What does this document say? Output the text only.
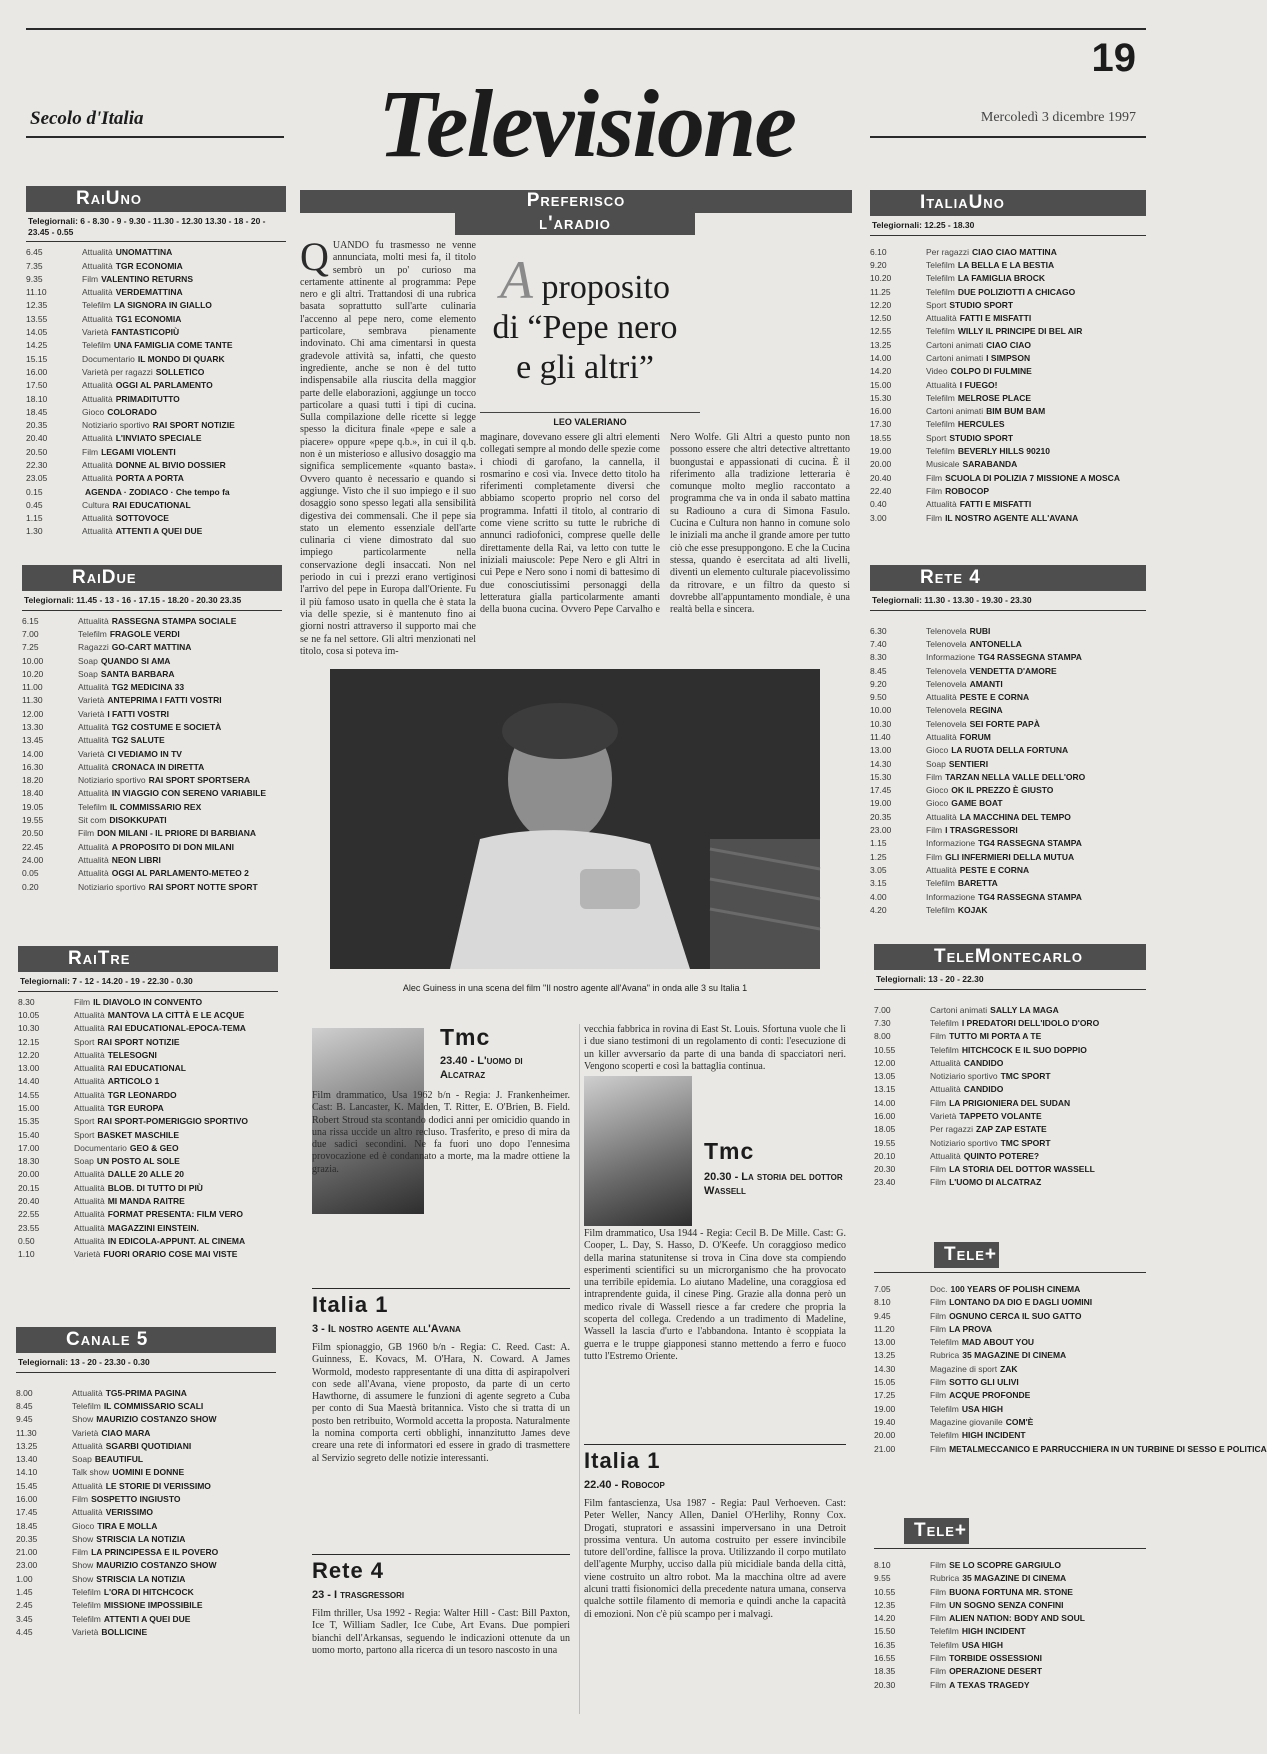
19
Secolo d'Italia	Mercoledì 3 dicembre 1997
Televisione
RaiUno
Telegiornali: 6 - 8.30 - 9 - 9.30 - 11.30 - 12.30 13.30 - 18 - 20 - 23.45 - 0.55
6.45	Attualità UNOMATTINA
7.35	Attualità TGR ECONOMIA
9.35	Film VALENTINO RETURNS
11.10	Attualità VERDEMATTINA
12.35	Telefilm LA SIGNORA IN GIALLO
13.55	Attualità TG1 ECONOMIA
14.05	Varietà FANTASTICOPIÙ
14.25	Telefilm UNA FAMIGLIA COME TANTE
15.15	Documentario IL MONDO DI QUARK
16.00	Varietà per ragazzi SOLLETICO
17.50	Attualità OGGI AL PARLAMENTO
18.10	Attualità PRIMADITUTTO
18.45	Gioco COLORADO
20.35	Notiziario sportivo RAI SPORT NOTIZIE
20.40	Attualità L'INVIATO SPECIALE
20.50	Film LEGAMI VIOLENTI
22.30	Attualità DONNE AL BIVIO DOSSIER
23.05	Attualità PORTA A PORTA
0.15	AGENDA · ZODIACO · Che tempo fa
0.45	Cultura RAI EDUCATIONAL
1.15	Attualità SOTTOVOCE
1.30	Attualità ATTENTI A QUEI DUE
RaiDue
Telegiornali: 11.45 - 13 - 16 - 17.15 - 18.20 - 20.30 23.35
6.15	Attualità RASSEGNA STAMPA SOCIALE
7.00	Telefilm FRAGOLE VERDI
7.25	Ragazzi GO-CART MATTINA
10.00	Soap QUANDO SI AMA
10.20	Soap SANTA BARBARA
11.00	Attualità TG2 MEDICINA 33
11.30	Varietà ANTEPRIMA I FATTI VOSTRI
12.00	Varietà I FATTI VOSTRI
13.30	Attualità TG2 COSTUME E SOCIETÀ
13.45	Attualità TG2 SALUTE
14.00	Varietà CI VEDIAMO IN TV
16.30	Attualità CRONACA IN DIRETTA
18.20	Notiziario sportivo RAI SPORT SPORTSERA
18.40	Attualità IN VIAGGIO CON SERENO VARIABILE
19.05	Telefilm IL COMMISSARIO REX
19.55	Sit com DISOKKUPATI
20.50	Film DON MILANI - IL PRIORE DI BARBIANA
22.45	Attualità A PROPOSITO DI DON MILANI
24.00	Attualità NEON LIBRI
0.05	Attualità OGGI AL PARLAMENTO-METEO 2
0.20	Notiziario sportivo RAI SPORT NOTTE SPORT
RaiTre
Telegiornali: 7 - 12 - 14.20 - 19 - 22.30 - 0.30
8.30	Film IL DIAVOLO IN CONVENTO
10.05	Attualità MANTOVA LA CITTÀ E LE ACQUE
10.30	Attualità RAI EDUCATIONAL-EPOCA-TEMA
12.15	Sport RAI SPORT NOTIZIE
12.20	Attualità TELESOGNI
13.00	Attualità RAI EDUCATIONAL
14.40	Attualità ARTICOLO 1
14.55	Attualità TGR LEONARDO
15.00	Attualità TGR EUROPA
15.35	Sport RAI SPORT-POMERIGGIO SPORTIVO
15.40	Sport BASKET MASCHILE
17.00	Documentario GEO & GEO
18.30	Soap UN POSTO AL SOLE
20.00	Attualità DALLE 20 ALLE 20
20.15	Attualità BLOB. DI TUTTO DI PIÙ
20.40	Attualità MI MANDA RAITRE
22.55	Attualità FORMAT PRESENTA: FILM VERO
23.55	Attualità MAGAZZINI EINSTEIN.
0.50	Attualità IN EDICOLA-APPUNT. AL CINEMA
1.10	Varietà FUORI ORARIO COSE MAI VISTE
Canale 5
Telegiornali: 13 - 20 - 23.30 - 0.30
8.00	Attualità TG5-PRIMA PAGINA
8.45	Telefilm IL COMMISSARIO SCALI
9.45	Show MAURIZIO COSTANZO SHOW
11.30	Varietà CIAO MARA
13.25	Attualità SGARBI QUOTIDIANI
13.40	Soap BEAUTIFUL
14.10	Talk show UOMINI E DONNE
15.45	Attualità LE STORIE DI VERISSIMO
16.00	Film SOSPETTO INGIUSTO
17.45	Attualità VERISSIMO
18.45	Gioco TIRA E MOLLA
20.35	Show STRISCIA LA NOTIZIA
21.00	Film LA PRINCIPESSA E IL POVERO
23.00	Show MAURIZIO COSTANZO SHOW
1.00	Show STRISCIA LA NOTIZIA
1.45	Telefilm L'ORA DI HITCHCOCK
2.45	Telefilm MISSIONE IMPOSSIBILE
3.45	Telefilm ATTENTI A QUEI DUE
4.45	Varietà BOLLICINE
ItaliaUno
Telegiornali: 12.25 - 18.30
6.10	Per ragazzi CIAO CIAO MATTINA
9.20	Telefilm LA BELLA E LA BESTIA
10.20	Telefilm LA FAMIGLIA BROCK
11.25	Telefilm DUE POLIZIOTTI A CHICAGO
12.20	Sport STUDIO SPORT
12.50	Attualità FATTI E MISFATTI
12.55	Telefilm WILLY IL PRINCIPE DI BEL AIR
13.25	Cartoni animati CIAO CIAO
14.00	Cartoni animati I SIMPSON
14.20	Video COLPO DI FULMINE
15.00	Attualità I FUEGO!
15.30	Telefilm MELROSE PLACE
16.00	Cartoni animati BIM BUM BAM
17.30	Telefilm HERCULES
18.55	Sport STUDIO SPORT
19.00	Telefilm BEVERLY HILLS 90210
20.00	Musicale SARABANDA
20.40	Film SCUOLA DI POLIZIA 7 MISSIONE A MOSCA
22.40	Film ROBOCOP
0.40	Attualità FATTI E MISFATTI
3.00	Film IL NOSTRO AGENTE ALL'AVANA
Rete 4
Telegiornali: 11.30 - 13.30 - 19.30 - 23.30
6.30	Telenovela RUBI
7.40	Telenovela ANTONELLA
8.30	Informazione TG4 RASSEGNA STAMPA
8.45	Telenovela VENDETTA D'AMORE
9.20	Telenovela AMANTI
9.50	Attualità PESTE E CORNA
10.00	Telenovela REGINA
10.30	Telenovela SEI FORTE PAPÀ
11.40	Attualità FORUM
13.00	Gioco LA RUOTA DELLA FORTUNA
14.30	Soap SENTIERI
15.30	Film TARZAN NELLA VALLE DELL'ORO
17.45	Gioco OK IL PREZZO È GIUSTO
19.00	Gioco GAME BOAT
20.35	Attualità LA MACCHINA DEL TEMPO
23.00	Film I TRASGRESSORI
1.15	Informazione TG4 RASSEGNA STAMPA
1.25	Film GLI INFERMIERI DELLA MUTUA
3.05	Attualità PESTE E CORNA
3.15	Telefilm BARETTA
4.00	Informazione TG4 RASSEGNA STAMPA
4.20	Telefilm KOJAK
TeleMontecarlo
Telegiornali: 13 - 20 - 22.30
7.00	Cartoni animati SALLY LA MAGA
7.30	Telefilm I PREDATORI DELL'IDOLO D'ORO
8.00	Film TUTTO MI PORTA A TE
10.55	Telefilm HITCHCOCK E IL SUO DOPPIO
12.00	Attualità CANDIDO
13.05	Notiziario sportivo TMC SPORT
13.15	Attualità CANDIDO
14.00	Film LA PRIGIONIERA DEL SUDAN
16.00	Varietà TAPPETO VOLANTE
18.05	Per ragazzi ZAP ZAP ESTATE
19.55	Notiziario sportivo TMC SPORT
20.10	Attualità QUINTO POTERE?
20.30	Film LA STORIA DEL DOTTOR WASSELL
23.40	Film L'UOMO DI ALCATRAZ
Tele+
7.05	Doc. 100 YEARS OF POLISH CINEMA
8.10	Film LONTANO DA DIO E DAGLI UOMINI
9.45	Film OGNUNO CERCA IL SUO GATTO
11.20	Film LA PROVA
13.00	Telefilm MAD ABOUT YOU
13.25	Rubrica 35 MAGAZINE DI CINEMA
14.30	Magazine di sport ZAK
15.05	Film SOTTO GLI ULIVI
17.25	Film ACQUE PROFONDE
19.00	Telefilm USA HIGH
19.40	Magazine giovanile COM'È
20.00	Telefilm HIGH INCIDENT
21.00	Film METALMECCANICO E PARRUCCHIERA IN UN TURBINE DI SESSO E POLITICA
Tele+
8.10	Film SE LO SCOPRE GARGIULO
9.55	Rubrica 35 MAGAZINE DI CINEMA
10.55	Film BUONA FORTUNA MR. STONE
12.35	Film UN SOGNO SENZA CONFINI
14.20	Film ALIEN NATION: BODY AND SOUL
15.50	Telefilm HIGH INCIDENT
16.35	Telefilm USA HIGH
16.55	Film TORBIDE OSSESSIONI
18.35	Film OPERAZIONE DESERT
20.30	Film A TEXAS TRAGEDY
Preferisco
l'aradio
QUANDO fu trasmesso ne venne annunciata, molti mesi fa, il titolo sembrò un po' curioso ma certamente attinente al programma: Pepe nero e gli altri. Trattandosi di una rubrica basata soprattutto sull'arte culinaria l'accenno al pepe nero, come elemento particolare, sembrava pienamente indovinato. Chi ama cimentarsi in questa gradevole attività sa, infatti, che questo ingrediente, anche se non è del tutto indispensabile alla riuscita della maggior parte delle elaborazioni, aggiunge un tocco particolare a quasi tutti i tipi di cucina. Sulla compilazione delle ricette si legge spesso la dicitura finale «pepe e sale a piacere» oppure «pepe q.b.», in cui il q.b. non è un misterioso e allusivo dosaggio ma significa semplicemente «quanto basta». Ovvero quanto è necessario e quando si aggiunge. Visto che il suo impiego e il suo dosaggio sono spesso legati alla sensibilità digestiva dei commensali. Che il pepe sia stato un elemento essenziale dell'arte culinaria ci viene dimostrato dal suo impiego particolarmente nella conservazione degli insaccati. Non nel periodo in cui i prezzi erano vertiginosi l'arrivo del pepe in Europa dall'Oriente. Fu il più famoso usato in quella che è stata la via delle spezie, si è mantenuto fino ai giorni nostri attraverso il supporto mai che se ne fa nel settore. Gli altri menzionati nel titolo, cosa si poteva im-
A proposito
di “Pepe nero
e gli altri”
LEO VALERIANO
maginare, dovevano essere gli altri elementi collegati sempre al mondo delle spezie come i chiodi di garofano, la cannella, il rosmarino e così via. Invece detto titolo ha riferimenti completamente diversi che abbiamo scoperto proprio nel corso del programma. Infatti il titolo, al contrario di come viene scritto su tutte le rubriche di annunci radiofonici, comprese quelle delle direttamente della Rai, va letto con tutte le iniziali maiuscole: Pepe Nero e gli Altri in cui Pepe e Nero sono i nomi di battesimo di due conosciutissimi personaggi della letteratura gialla particolarmente amanti della buona cucina. Ovvero Pepe Carvalho e Nero Wolfe. Gli Altri a questo punto non possono essere che altri detective altrettanto buongustai e appassionati di cucina. È il riferimento alla tradizione letteraria è comunque molto meglio raccontato a programma che va in onda il sabato mattina su Radiouno a cura di Simona Fasulo. Cucina e Cultura non hanno in comune solo le iniziali ma anche il grande amore per tutto ciò che esse presuppongono. E che la Cucina stessa, quando è esercitata ad alti livelli, diventi un elemento culturale piacevolissimo da ritrovare, e un filtro da questo si dovrebbe all'appuntamento mondiale, è una realtà bella e sincera.
Alec Guiness in una scena del film "Il nostro agente all'Avana" in onda alle 3 su Italia 1
Tmc
23.40 - L'uomo di Alcatraz
Film drammatico, Usa 1962 b/n - Regia: J. Frankenheimer. Cast: B. Lancaster, K. Malden, T. Ritter, E. O'Brien, B. Field. Robert Stroud sta scontando dodici anni per omicidio quando in una rissa uccide un altro recluso. Trasferito, e preso di mira da due sadici secondini. Ne fa fuori uno dopo l'ennesima provocazione ed è condannato a morte, ma la madre ottiene la grazia.
vecchia fabbrica in rovina di East St. Louis. Sfortuna vuole che lì i due siano testimoni di un regolamento di conti: l'esecuzione di un killer avversario da parte di una banda di spacciatori neri. Vengono scoperti e così la battaglia continua.
Tmc
20.30 - La storia del dottor Wassell
Film drammatico, Usa 1944 - Regia: Cecil B. De Mille. Cast: G. Cooper, L. Day, S. Hasso, D. O'Keefe. Un coraggioso medico della marina statunitense si trova in Cina dove sta compiendo esperimenti scientifici su un microrganismo che ha provocato una terribile epidemia. Lo aiutano Madeline, una coraggiosa ed intraprendente guida, il cinese Ping. Grazie alla donna però un medico rivale di Wassell riesce a far credere che propria la scoperta del collega. Credendo a un tradimento di Madeline, Wassell la lascia d'urto e l'abbandona. Intanto è scoppiata la guerra e le truppe giapponesi stanno mettendo a ferro e fuoco tutto l'Estremo Oriente.
Italia 1
3 - Il nostro agente all'Avana
Film spionaggio, GB 1960 b/n - Regia: C. Reed. Cast: A. Guinness, E. Kovacs, M. O'Hara, N. Coward. A James Wormold, modesto rappresentante di una ditta di aspirapolveri con sede all'Avana, viene proposto, da parte di un certo Hawthorne, di assumere le funzioni di agente segreto a Cuba per conto di Sua Maestà britannica. Visto che si tratta di un posto ben retribuito, Wormold accetta la proposta. Naturalmente la nomina comporta certi obblighi, innanzitutto James deve creare una rete di informatori ed essere in grado di trasmettere al Servizio segreto delle notizie interessanti.
Rete 4
23 - I trasgressori
Film thriller, Usa 1992 - Regia: Walter Hill - Cast: Bill Paxton, Ice T, William Sadler, Ice Cube, Art Evans. Due pompieri bianchi dell'Arkansas, seguendo le indicazioni ottenute da un uomo morto, partono alla ricerca di un tesoro nascosto in una
Italia 1
22.40 - Robocop
Film fantascienza, Usa 1987 - Regia: Paul Verhoeven. Cast: Peter Weller, Nancy Allen, Daniel O'Herlihy, Ronny Cox. Drogati, stupratori e assassini imperversano in una Detroit prossima ventura. Un automa costruito per essere invincibile tutore dell'ordine, fallisce la prova. Utilizzando il corpo mutilato dell'agente Murphy, ucciso dalla più micidiale banda della città, viene costruito un altro robot. Ma la macchina oltre ad avere alcuni tratti fisionomici della precedente natura umana, conserva qualche sottile filamento di memoria e quindi anche la capacità di emozioni. Non c'è più scampo per i malvagi.
